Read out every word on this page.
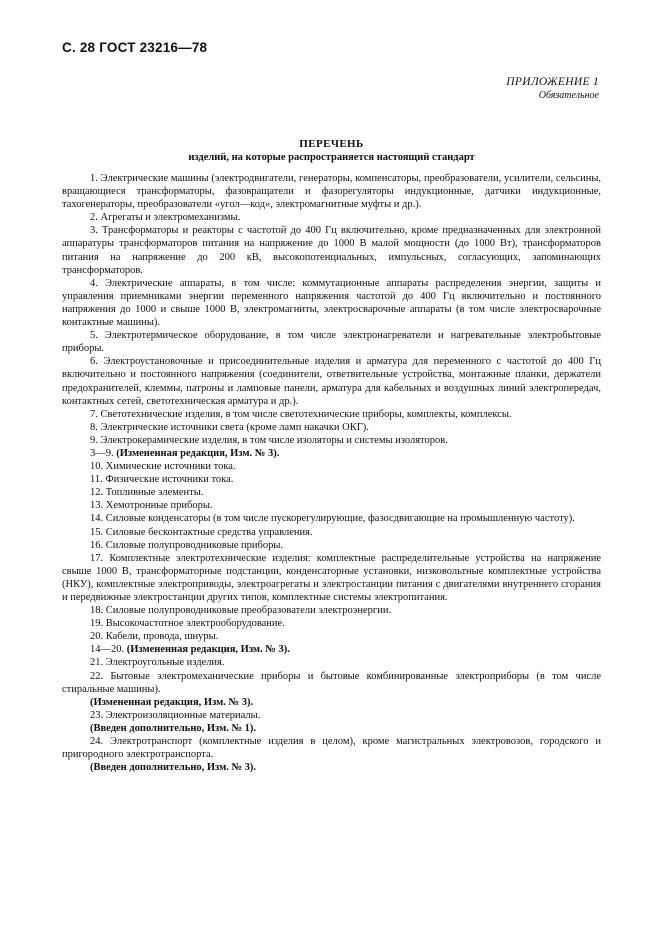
С. 28 ГОСТ 23216—78
ПРИЛОЖЕНИЕ 1
Обязательное
ПЕРЕЧЕНЬ
изделий, на которые распространяется настоящий стандарт

1. Электрические машины (электродвигатели, генераторы, компенсаторы, преобразователи, усилители, сельсины, вращающиеся трансформаторы, фазовращатели и фазорегуляторы индукционные, датчики индукционные, тахогенераторы, преобразователи «угол—код», электромагнитные муфты и др.).

2. Агрегаты и электромеханизмы.

3. Трансформаторы и реакторы с частотой до 400 Гц включительно, кроме предназначенных для электронной аппаратуры трансформаторов питания на напряжение до 1000 В малой мощности (до 1000 Вт), трансформаторов питания на напряжение до 200 кВ, высокопотенциальных, импульсных, согласующих, запоминающих трансформаторов.

4. Электрические аппараты, в том числе: коммутационные аппараты распределения энергии, защиты и управления приемниками энергии переменного напряжения частотой до 400 Гц включительно и постоянного напряжения до 1000 и свыше 1000 В, электромагниты, электросварочные аппараты (в том числе электросварочные контактные машины).

5. Электротермическое оборудование, в том числе электронагреватели и нагревательные электробытовые приборы.

6. Электроустановочные и присоединительные изделия и арматура для переменного с частотой до 400 Гц включительно и постоянного напряжения (соединители, ответвительные устройства, монтажные планки, держатели предохранителей, клеммы, патроны и ламповые панели, арматура для кабельных и воздушных линий электропередач, контактных сетей, светотехническая арматура и др.).

7. Светотехнические изделия, в том числе светотехнические приборы, комплекты, комплексы.

8. Электрические источники света (кроме ламп накачки ОКГ).

9. Электрокерамические изделия, в том числе изоляторы и системы изоляторов.

3—9. (Измененная редакция, Изм. № 3).

10. Химические источники тока.

11. Физические источники тока.

12. Топливные элементы.

13. Хемотронные приборы.

14. Силовые конденсаторы (в том числе пускорегулирующие, фазосдвигающие на промышленную частоту).

15. Силовые бесконтактные средства управления.

16. Силовые полупроводниковые приборы.

17. Комплектные электротехнические изделия: комплектные распределительные устройства на напряжение свыше 1000 В, трансформаторные подстанции, конденсаторные установки, низковольтные комплектные устройства (НКУ), комплектные электроприводы, электроагрегаты и электростанции питания с двигателями внутреннего сгорания и передвижные электростанции других типов, комплектные системы электропитания.

18. Силовые полупроводниковые преобразователи электроэнергии.

19. Высокочастотное электрооборудование.

20. Кабели, провода, шнуры.

14—20. (Измененная редакция, Изм. № 3).

21. Электроугольные изделия.

22. Бытовые электромеханические приборы и бытовые комбинированные электроприборы (в том числе стиральные машины).

(Измененная редакция, Изм. № 3).

23. Электроизоляционные материалы.

(Введен дополнительно, Изм. № 1).

24. Электротранспорт (комплектные изделия в целом), кроме магистральных электровозов, городского и пригородного электротранспорта.

(Введен дополнительно, Изм. № 3).
